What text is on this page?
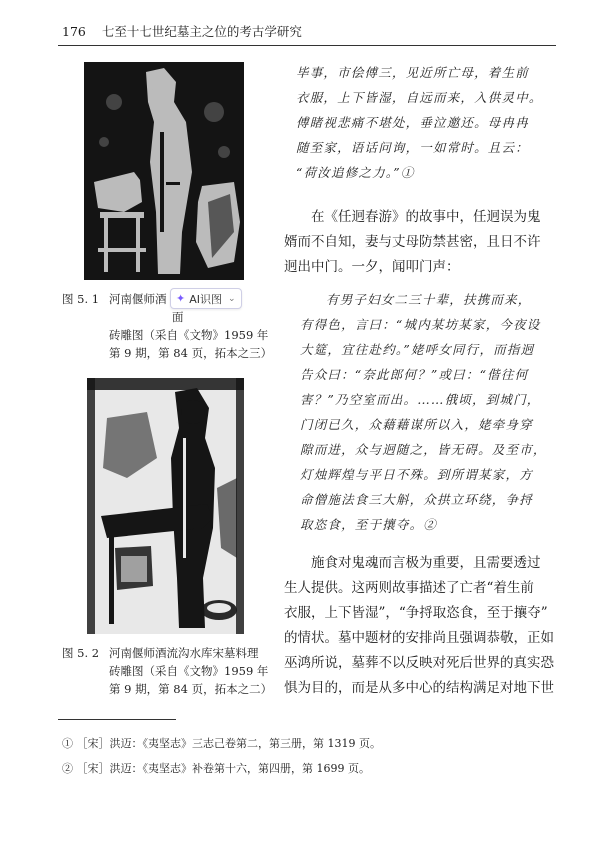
176 七至十七世纪墓主之位的考古学研究
图 5. 1 河南偃师酒面
砖雕图（采自《文物》1959 年
第 9 期，第 84 页，拓本之三）
✦ AI识图 ⌄
图 5. 2 河南偃师酒流沟水库宋墓料理
砖雕图（采自《文物》1959 年
第 9 期，第 84 页，拓本之二）
毕事，市侩傅三，见近所亡母，着生前
衣服，上下皆湿，自远而来，入供灵中。
傅睹视悲痛不堪处，垂泣邀还。母冉冉
随至家，语话问询，一如常时。且云：
“荷汝追修之力。”①
在《任迥春游》的故事中，任迥误为鬼
婿而不自知，妻与丈母防禁甚密，且日不许
迥出中门。一夕，闻叩门声：
有男子妇女二三十辈，扶携而来，
有得色，言曰：“城内某坊某家，今夜设
大筵，宜往赴约。”姥呼女同行，而指迥
告众曰：“奈此郎何？”或曰：“偕往何
害？”乃空室而出。……俄顷，到城门，
门闭已久，众藉藉谋所以入，姥牵身穿
隙而进，众与迥随之，皆无碍。及至市，
灯烛辉煌与平日不殊。到所谓某家，方
命僧施法食三大斛，众拱立环绕，争捋
取恣食，至于攘夺。②
施食对鬼魂而言极为重要，且需要透过
生人提供。这两则故事描述了亡者“着生前
衣服，上下皆湿”，“争捋取恣食，至于攘夺”
的情状。墓中题材的安排尚且强调恭敬，正如
巫鸿所说，墓葬不以反映对死后世界的真实恐
惧为目的，而是从多中心的结构满足对地下世
① ［宋］洪迈：《夷坚志》三志己卷第二，第三册，第 1319 页。
② ［宋］洪迈：《夷坚志》补卷第十六，第四册，第 1699 页。
